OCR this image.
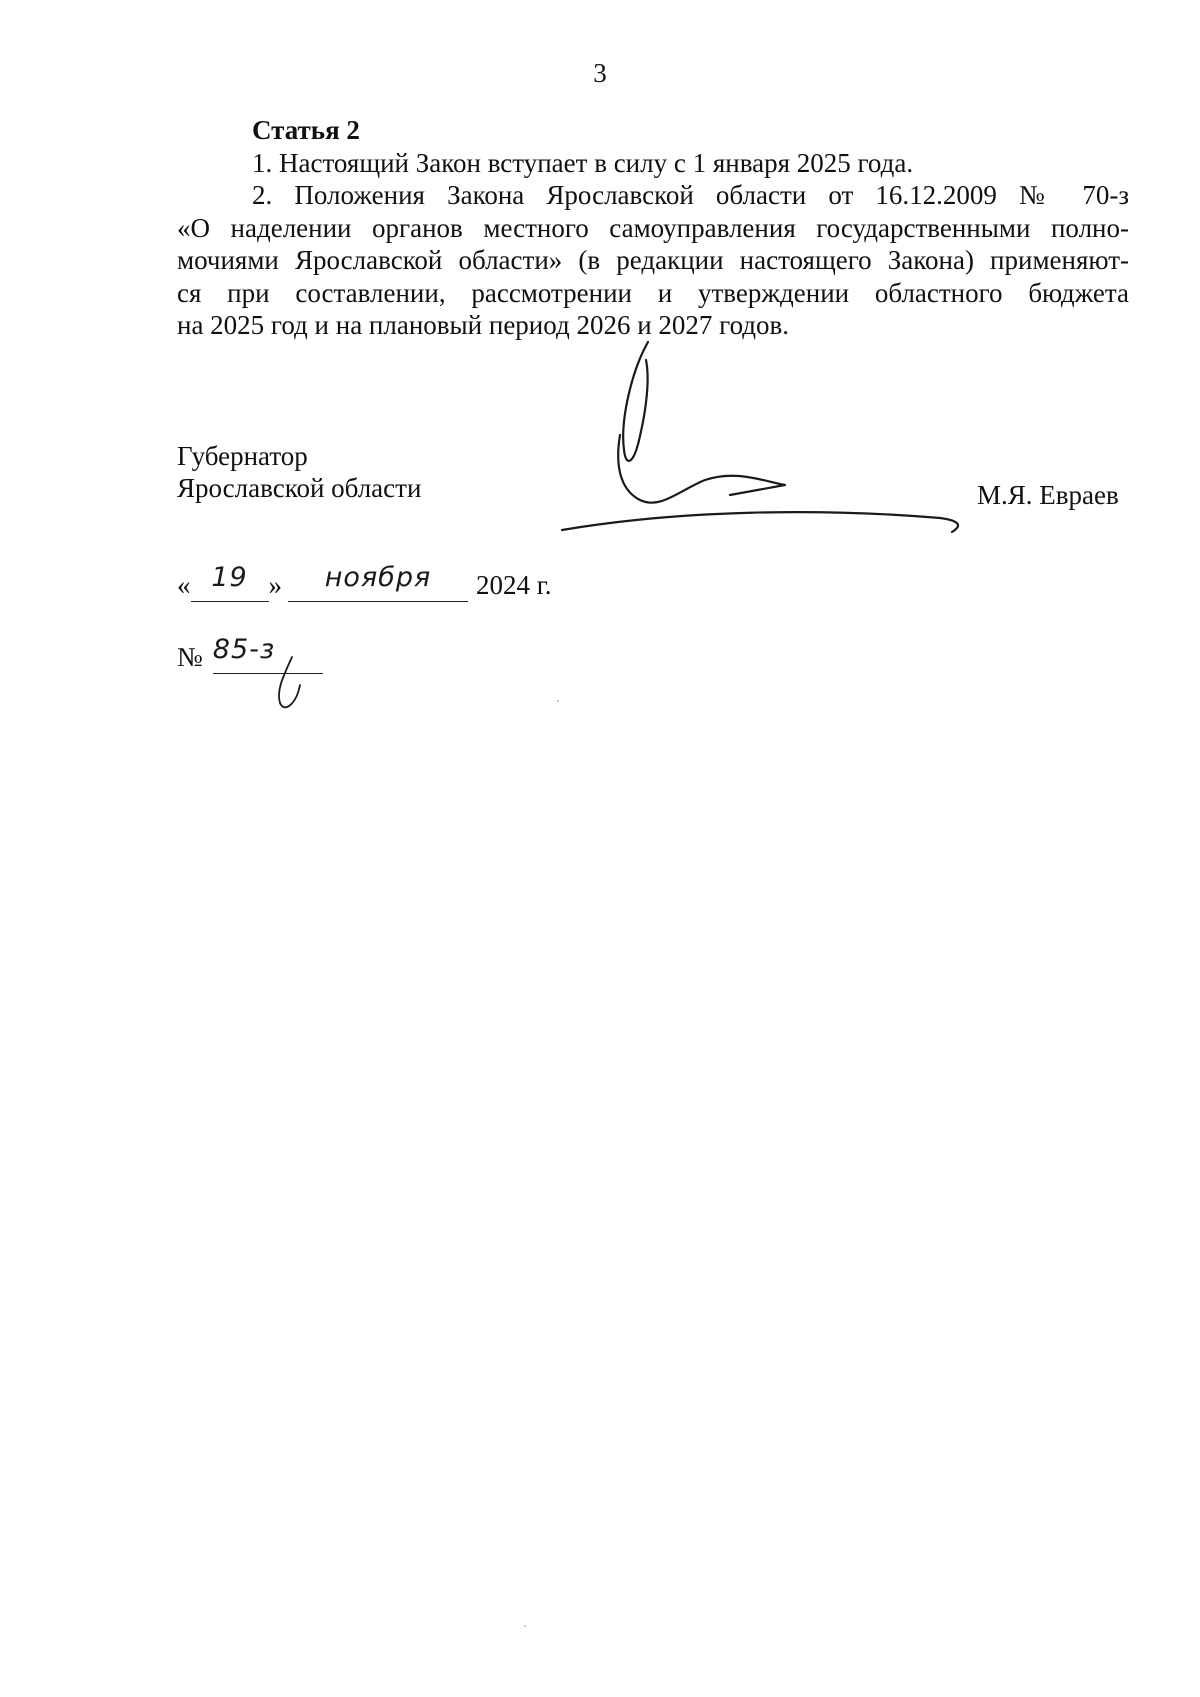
3
Статья 2

1. Настоящий Закон вступает в силу с 1 января 2025 года.

2. Положения Закона Ярославской области от 16.12.2009 № 70-з
«О наделении органов местного самоуправления государственными полно-
мочиями Ярославской области» (в редакции настоящего Закона) применяют-
ся при составлении, рассмотрении и утверждении областного бюджета
на 2025 год и на плановый период 2026 и 2027 годов.
Губернатор
Ярославской области	М.Я. Евраев
« 19 » ноября 2024 г.
№ 85-з
